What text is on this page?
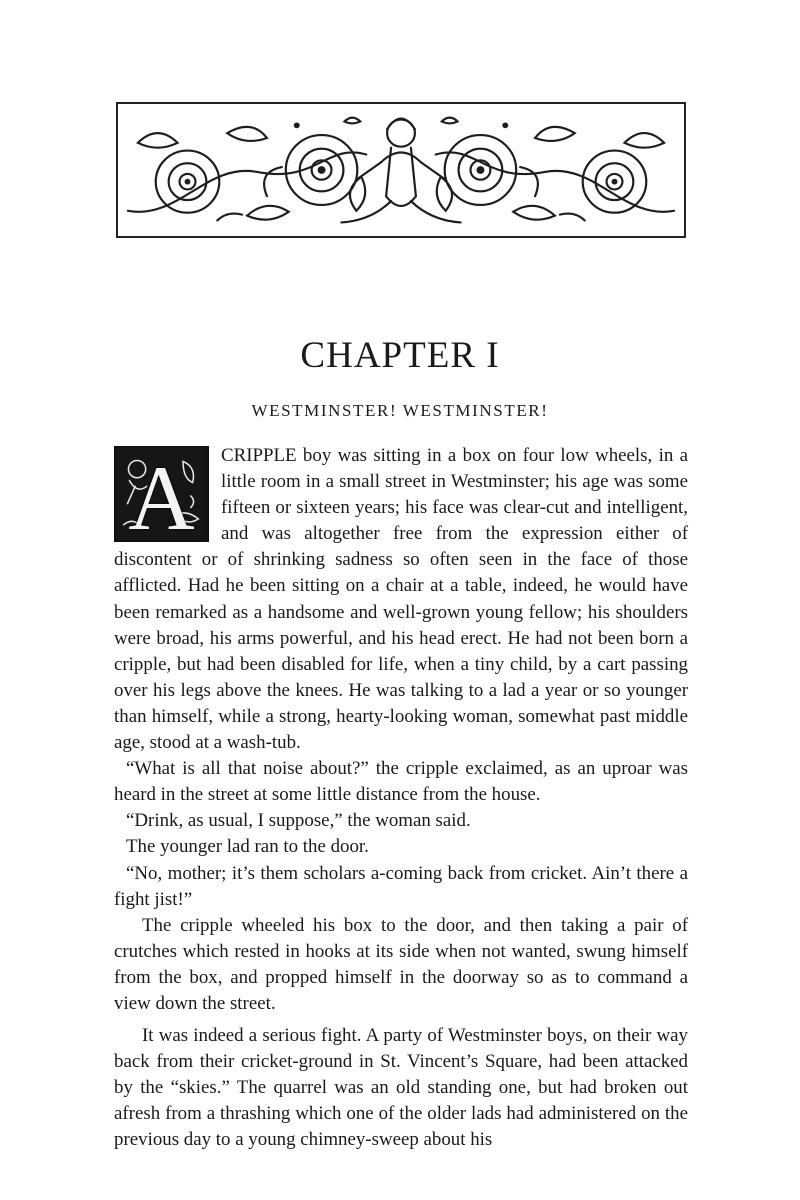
CHAPTER I
WESTMINSTER! WESTMINSTER!
A	CRIPPLE boy was sitting in a box on four low wheels, in a little room in a small street in Westminster; his age was some fifteen or sixteen years; his face was clear-cut and intelligent, and was altogether free from the expression either of discontent or of shrinking sadness so often seen in the face of those afflicted. Had he been sitting on a chair at a table, indeed, he would have been remarked as a handsome and well-grown young fellow; his shoulders were broad, his arms powerful, and his head erect. He had not been born a cripple, but had been disabled for life, when a tiny child, by a cart passing over his legs above the knees. He was talking to a lad a year or so younger than himself, while a strong, hearty-looking woman, somewhat past middle age, stood at a wash-tub.

“What is all that noise about?” the cripple exclaimed, as an uproar was heard in the street at some little distance from the house.

“Drink, as usual, I suppose,” the woman said.

The younger lad ran to the door.

“No, mother; it’s them scholars a-coming back from cricket. Ain’t there a fight jist!”

The cripple wheeled his box to the door, and then taking a pair of crutches which rested in hooks at its side when not wanted, swung himself from the box, and propped himself in the doorway so as to command a view down the street.

It was indeed a serious fight. A party of Westminster boys, on their way back from their cricket-ground in St. Vincent’s Square, had been attacked by the “skies.” The quarrel was an old standing one, but had broken out afresh from a thrashing which one of the older lads had administered on the previous day to a young chimney-sweep about his
